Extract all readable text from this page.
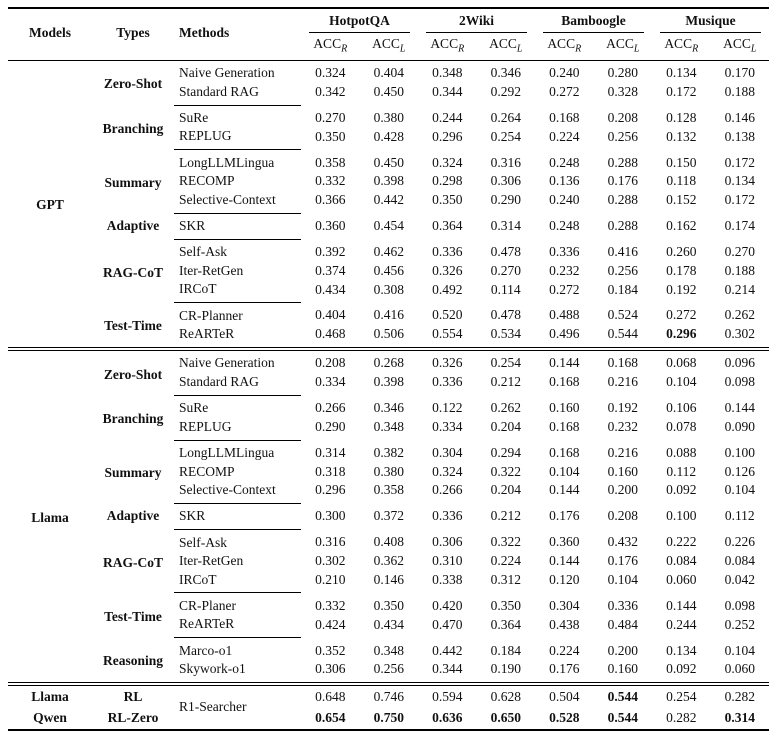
Models	Types	Methods	HotpotQA		2Wiki		Bamboogle		Musique	

			$ACC_R$	$ACC_L$	$ACC_R$	$ACC_L$	$ACC_R$	$ACC_L$	$ACC_R$	$ACC_L$
GPT	Zero-Shot	Naive Generation	0.324	0.404	0.348	0.346	0.240	0.280	0.134	0.170
		Standard RAG	0.342	0.450	0.344	0.292	0.272	0.328	0.172	0.188
	Branching	SuRe	0.270	0.380	0.244	0.264	0.168	0.208	0.128	0.146
		REPLUG	0.350	0.428	0.296	0.254	0.224	0.256	0.132	0.138
	Summary	LongLLMLingua	0.358	0.450	0.324	0.316	0.248	0.288	0.150	0.172
		RECOMP	0.332	0.398	0.298	0.306	0.136	0.176	0.118	0.134
		Selective-Context	0.366	0.442	0.350	0.290	0.240	0.288	0.152	0.172
	Adaptive	SKR	0.360	0.454	0.364	0.314	0.248	0.288	0.162	0.174
	RAG-CoT	Self-Ask	0.392	0.462	0.336	0.478	0.336	0.416	0.260	0.270
		Iter-RetGen	0.374	0.456	0.326	0.270	0.232	0.256	0.178	0.188
		IRCoT	0.434	0.308	0.492	0.114	0.272	0.184	0.192	0.214
	Test-Time	CR-Planner	0.404	0.416	0.520	0.478	0.488	0.524	0.272	0.262
		ReARTeR	0.468	0.506	0.554	0.534	0.496	0.544	0.296	0.302
Llama	Zero-Shot	Naive Generation	0.208	0.268	0.326	0.254	0.144	0.168	0.068	0.096
		Standard RAG	0.334	0.398	0.336	0.212	0.168	0.216	0.104	0.098
	Branching	SuRe	0.266	0.346	0.122	0.262	0.160	0.192	0.106	0.144
		REPLUG	0.290	0.348	0.334	0.204	0.168	0.232	0.078	0.090
	Summary	LongLLMLingua	0.314	0.382	0.304	0.294	0.168	0.216	0.088	0.100
		RECOMP	0.318	0.380	0.324	0.322	0.104	0.160	0.112	0.126
		Selective-Context	0.296	0.358	0.266	0.204	0.144	0.200	0.092	0.104
	Adaptive	SKR	0.300	0.372	0.336	0.212	0.176	0.208	0.100	0.112
	RAG-CoT	Self-Ask	0.316	0.408	0.306	0.322	0.360	0.432	0.222	0.226
		Iter-RetGen	0.302	0.362	0.310	0.224	0.144	0.176	0.084	0.084
		IRCoT	0.210	0.146	0.338	0.312	0.120	0.104	0.060	0.042
	Test-Time	CR-Planer	0.332	0.350	0.420	0.350	0.304	0.336	0.144	0.098
		ReARTeR	0.424	0.434	0.470	0.364	0.438	0.484	0.244	0.252
	Reasoning	Marco-o1	0.352	0.348	0.442	0.184	0.224	0.200	0.134	0.104
		Skywork-o1	0.306	0.256	0.344	0.190	0.176	0.160	0.092	0.060
Llama	RL	R1-Searcher	0.648	0.746	0.594	0.628	0.504	0.544	0.254	0.282
Qwen	RL-Zero		0.654	0.750	0.636	0.650	0.528	0.544	0.282	0.314
